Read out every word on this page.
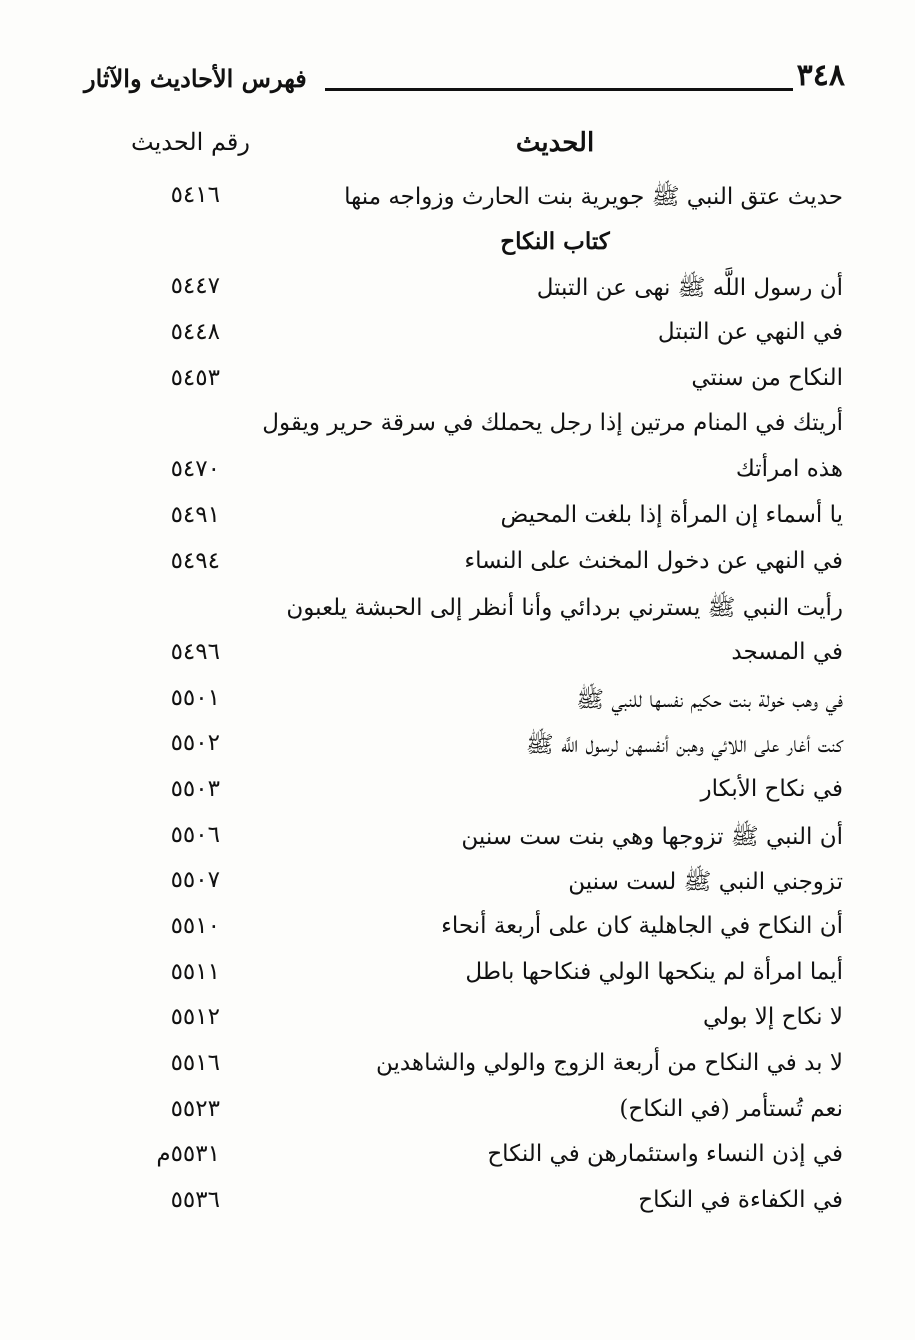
٣٤٨
فهرس الأحاديث والآثار
الحديث
رقم الحديث
حديث عتق النبي ﷺ جويرية بنت الحارث وزواجه منها
٥٤١٦
كتاب النكاح
أن رسول اللَّه ﷺ نهى عن التبتل
٥٤٤٧
في النهي عن التبتل
٥٤٤٨
النكاح من سنتي
٥٤٥٣
أريتك في المنام مرتين إذا رجل يحملك في سرقة حرير ويقول
هذه امرأتك
٥٤٧٠
يا أسماء إن المرأة إذا بلغت المحيض
٥٤٩١
في النهي عن دخول المخنث على النساء
٥٤٩٤
رأيت النبي ﷺ يسترني بردائي وأنا أنظر إلى الحبشة يلعبون
في المسجد
٥٤٩٦
في وهب خولة بنت حكيم نفسها للنبي ﷺ
٥٥٠١
كنت أغار على اللائي وهبن أنفسهن لرسول اللَّه ﷺ
٥٥٠٢
في نكاح الأبكار
٥٥٠٣
أن النبي ﷺ تزوجها وهي بنت ست سنين
٥٥٠٦
تزوجني النبي ﷺ لست سنين
٥٥٠٧
أن النكاح في الجاهلية كان على أربعة أنحاء
٥٥١٠
أيما امرأة لم ينكحها الولي فنكاحها باطل
٥٥١١
لا نكاح إلا بولي
٥٥١٢
لا بد في النكاح من أربعة الزوج والولي والشاهدين
٥٥١٦
نعم تُستأمر (في النكاح)
٥٥٢٣
في إذن النساء واستئمارهن في النكاح
٥٥٣١م
في الكفاءة في النكاح
٥٥٣٦
